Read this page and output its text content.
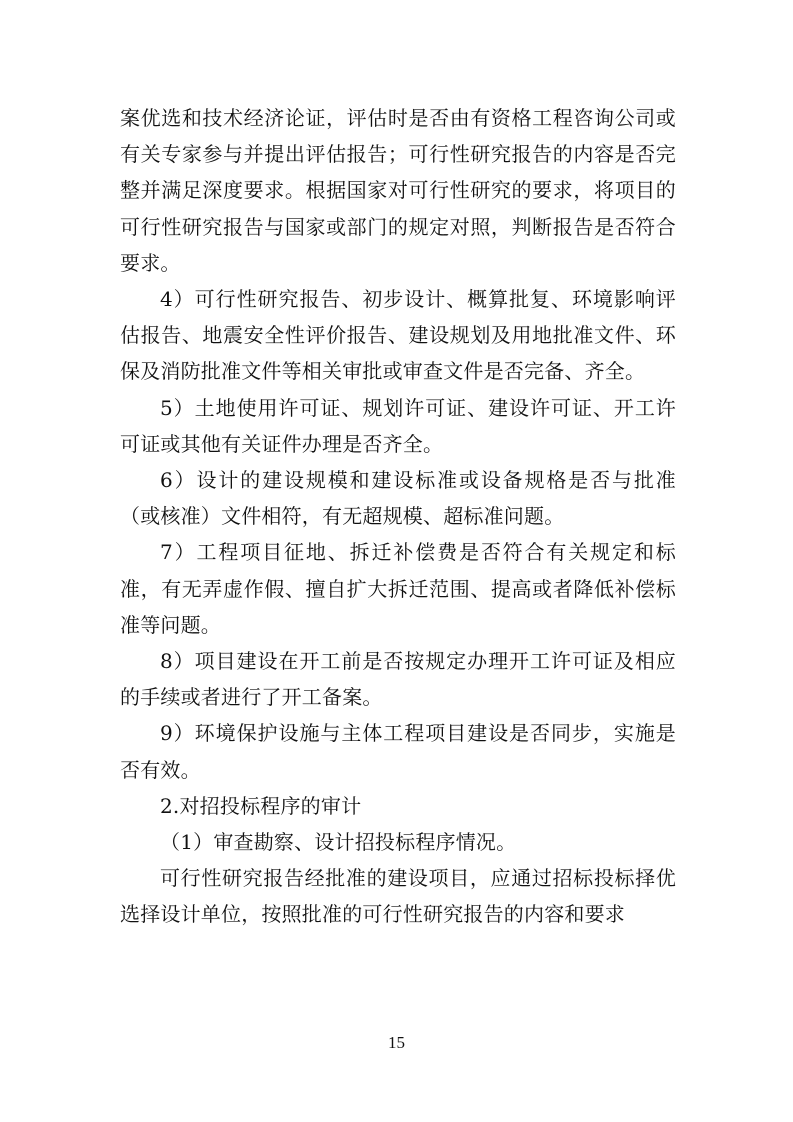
案优选和技术经济论证，评估时是否由有资格工程咨询公司或有关专家参与并提出评估报告；可行性研究报告的内容是否完整并满足深度要求。根据国家对可行性研究的要求，将项目的可行性研究报告与国家或部门的规定对照，判断报告是否符合要求。

4）可行性研究报告、初步设计、概算批复、环境影响评估报告、地震安全性评价报告、建设规划及用地批准文件、环保及消防批准文件等相关审批或审查文件是否完备、齐全。

5）土地使用许可证、规划许可证、建设许可证、开工许可证或其他有关证件办理是否齐全。

6）设计的建设规模和建设标准或设备规格是否与批准（或核准）文件相符，有无超规模、超标准问题。

7）工程项目征地、拆迁补偿费是否符合有关规定和标准，有无弄虚作假、擅自扩大拆迁范围、提高或者降低补偿标准等问题。

8）项目建设在开工前是否按规定办理开工许可证及相应的手续或者进行了开工备案。

9）环境保护设施与主体工程项目建设是否同步，实施是否有效。

2.对招投标程序的审计

（1）审查勘察、设计招投标程序情况。

可行性研究报告经批准的建设项目，应通过招标投标择优选择设计单位，按照批准的可行性研究报告的内容和要求

15
